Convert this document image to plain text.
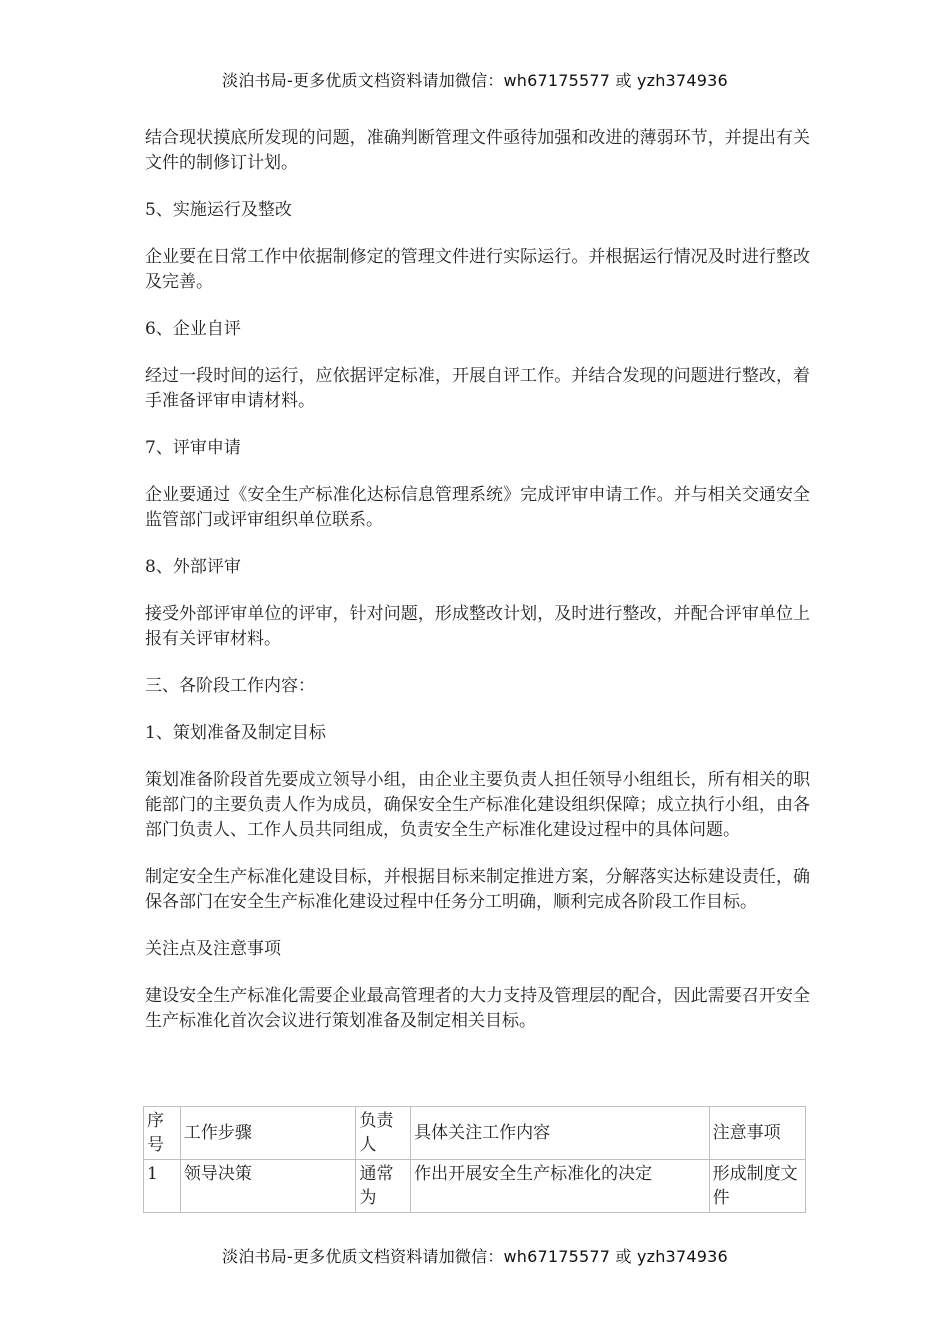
淡泊书局-更多优质文档资料请加微信：wh67175577 或 yzh374936

结合现状摸底所发现的问题，准确判断管理文件亟待加强和改进的薄弱环节，并提出有关文件的制修订计划。

5、实施运行及整改

企业要在日常工作中依据制修定的管理文件进行实际运行。并根据运行情况及时进行整改及完善。

6、企业自评

经过一段时间的运行，应依据评定标准，开展自评工作。并结合发现的问题进行整改，着手准备评审申请材料。

7、评审申请

企业要通过《安全生产标准化达标信息管理系统》完成评审申请工作。并与相关交通安全监管部门或评审组织单位联系。

8、外部评审

接受外部评审单位的评审，针对问题，形成整改计划，及时进行整改，并配合评审单位上报有关评审材料。

三、各阶段工作内容：

1、策划准备及制定目标

策划准备阶段首先要成立领导小组，由企业主要负责人担任领导小组组长，所有相关的职能部门的主要负责人作为成员，确保安全生产标准化建设组织保障；成立执行小组，由各部门负责人、工作人员共同组成，负责安全生产标准化建设过程中的具体问题。

制定安全生产标准化建设目标，并根据目标来制定推进方案，分解落实达标建设责任，确保各部门在安全生产标准化建设过程中任务分工明确，顺利完成各阶段工作目标。

关注点及注意事项

建设安全生产标准化需要企业最高管理者的大力支持及管理层的配合，因此需要召开安全生产标准化首次会议进行策划准备及制定相关目标。

序号	工作步骤	负责人	具体关注工作内容	注意事项
1	领导决策	通常为	作出开展安全生产标准化的决定	形成制度文件
淡泊书局-更多优质文档资料请加微信：wh67175577 或 yzh374936
